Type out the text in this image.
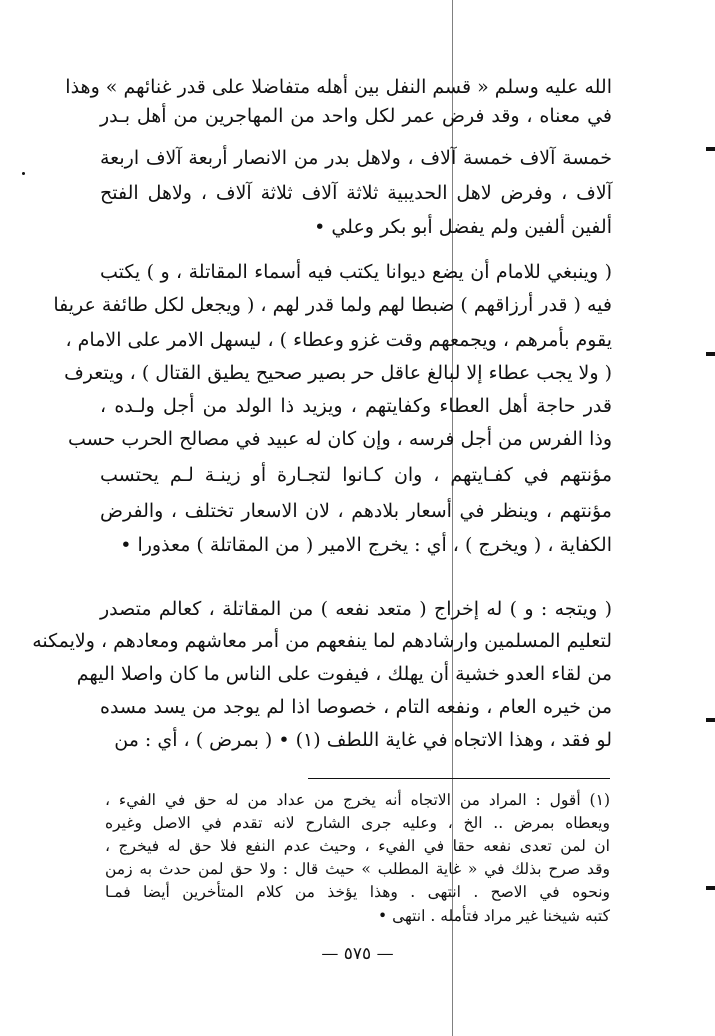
الله عليه وسلم « قسم النفل بين أهله متفاضلا على قدر غنائهم » وهذا
في معناه ، وقد فرض عمر لكل واحد من المهاجرين من أهل بـدر
خمسة آلاف خمسة آلاف ، ولاهل بدر من الانصار أربعة آلاف اربعة
آلاف ، وفرض لاهل الحديبية ثلاثة آلاف ثلاثة آلاف ، ولاهل الفتح
ألفين ألفين ولم يفضل أبو بكر وعلي •
( وينبغي للامام أن يضع ديوانا يكتب فيه أسماء المقاتلة ، و ) يكتب
فيه ( قدر أرزاقهم ) ضبطا لهم ولما قدر لهم ، ( ويجعل لكل طائفة عريفا
يقوم بأمرهم ، ويجمعهم وقت غزو وعطاء ) ، ليسهل الامر على الامام ،
( ولا يجب عطاء إلا لبالغ عاقل حر بصير صحيح يطيق القتال ) ، ويتعرف
قدر حاجة أهل العطاء وكفايتهم ، ويزيد ذا الولد من أجل ولـده ،
وذا الفرس من أجل فرسه ، وإن كان له عبيد في مصالح الحرب حسب
مؤنتهم في كفـايتهم ، وان كـانوا لتجـارة أو زينـة لـم يحتسب
مؤنتهم ، وينظر في أسعار بلادهم ، لان الاسعار تختلف ، والفرض
الكفاية ، ( ويخرج ) ، أي : يخرج الامير ( من المقاتلة ) معذورا •
( ويتجه : و ) له إخراج ( متعد نفعه ) من المقاتلة ، كعالم متصدر
لتعليم المسلمين وارشادهم لما ينفعهم من أمر معاشهم ومعادهم ، ولايمكنه
من لقاء العدو خشية أن يهلك ، فيفوت على الناس ما كان واصلا اليهم
من خيره العام ، ونفعه التام ، خصوصا اذا لم يوجد من يسد مسده
لو فقد ، وهذا الاتجاه في غاية اللطف (١) • ( بمرض ) ، أي : من
(١) أقول : المراد من الاتجاه أنه يخرج من عداد من له حق في الفيء ،
ويعطاه بمرض .. الخ ، وعليه جرى الشارح لانه تقدم في الاصل وغيره
ان لمن تعدى نفعه حقا في الفيء ، وحيث عدم النفع فلا حق له فيخرج ،
وقد صرح بذلك في « غاية المطلب » حيث قال : ولا حق لمن حدث به زمن
ونحوه في الاصح . انتهى . وهذا يؤخذ من كلام المتأخرين أيضا فمـا
كتبه شيخنا غير مراد فتأمله . انتهى •
— ٥٧٥ —
